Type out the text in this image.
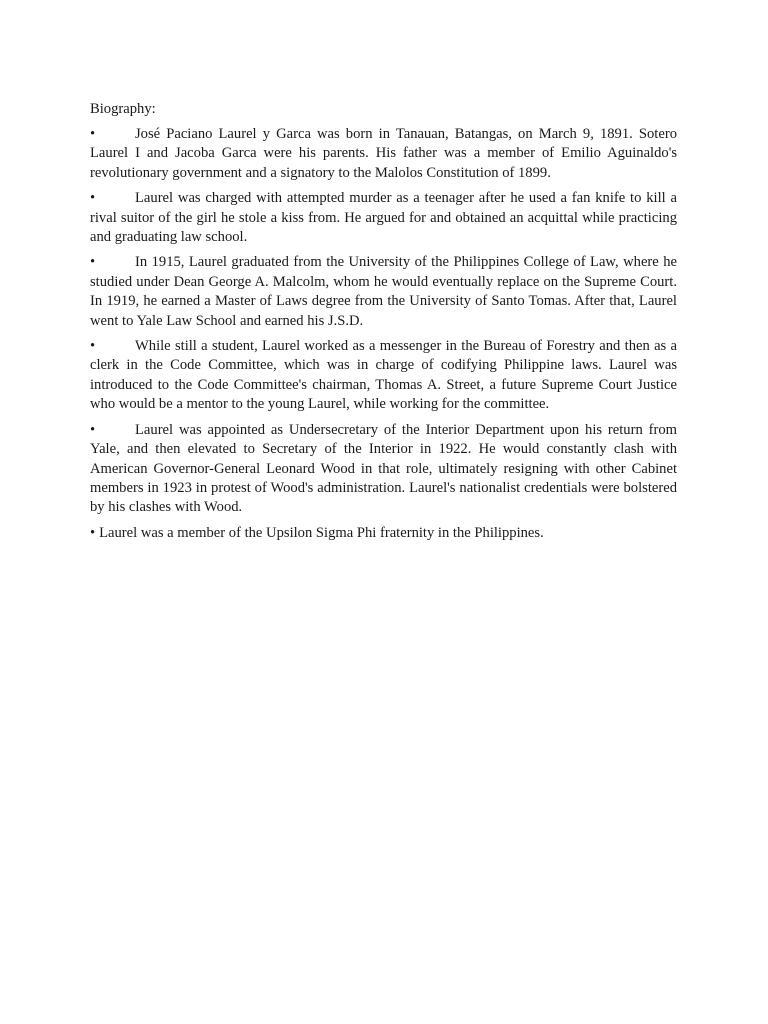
Biography:

•	José Paciano Laurel y Garca was born in Tanauan, Batangas, on March 9, 1891. Sotero Laurel I and Jacoba Garca were his parents. His father was a member of Emilio Aguinaldo's revolutionary government and a signatory to the Malolos Constitution of 1899.
•	Laurel was charged with attempted murder as a teenager after he used a fan knife to kill a rival suitor of the girl he stole a kiss from. He argued for and obtained an acquittal while practicing and graduating law school.
•	In 1915, Laurel graduated from the University of the Philippines College of Law, where he studied under Dean George A. Malcolm, whom he would eventually replace on the Supreme Court. In 1919, he earned a Master of Laws degree from the University of Santo Tomas. After that, Laurel went to Yale Law School and earned his J.S.D.
•	While still a student, Laurel worked as a messenger in the Bureau of Forestry and then as a clerk in the Code Committee, which was in charge of codifying Philippine laws. Laurel was introduced to the Code Committee's chairman, Thomas A. Street, a future Supreme Court Justice who would be a mentor to the young Laurel, while working for the committee.
•	Laurel was appointed as Undersecretary of the Interior Department upon his return from Yale, and then elevated to Secretary of the Interior in 1922. He would constantly clash with American Governor-General Leonard Wood in that role, ultimately resigning with other Cabinet members in 1923 in protest of Wood's administration. Laurel's nationalist credentials were bolstered by his clashes with Wood.
• Laurel was a member of the Upsilon Sigma Phi fraternity in the Philippines.
